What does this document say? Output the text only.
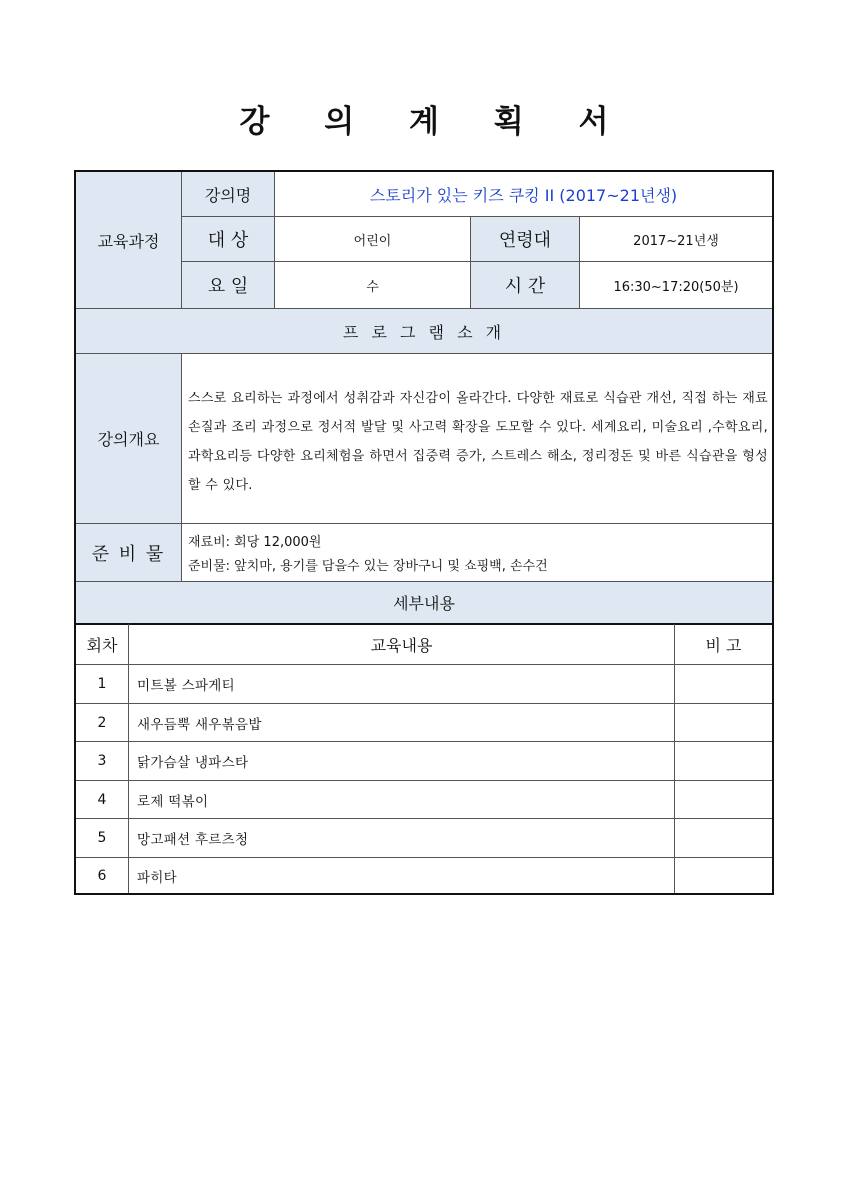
강 의 계 획 서
교육과정
강의명	스토리가 있는 키즈 쿠킹 II (2017~21년생)
대 상	어린이	연령대	2017~21년생
요 일	수	시 간	16:30~17:20(50분)
프 로 그 램 소 개
강의개요
스스로 요리하는 과정에서 성취감과 자신감이 올라간다. 다양한 재료로 식습관 개선, 직접 하는 재료 손질과 조리 과정으로 정서적 발달 및 사고력 확장을 도모할 수 있다. 세계요리, 미술요리 ,수학요리, 과학요리등 다양한 요리체험을 하면서 집중력 증가, 스트레스 해소, 정리정돈 및 바른 식습관을 형성할 수 있다.
준 비 물
재료비: 회당 12,000원
준비물: 앞치마, 용기를 담을수 있는 장바구니 및 쇼핑백, 손수건
세부내용
회차	교육내용	비 고
1	미트볼 스파게티
2	새우듬뿍 새우볶음밥
3	닭가슴살 냉파스타
4	로제 떡볶이
5	망고패션 후르츠청
6	파히타
